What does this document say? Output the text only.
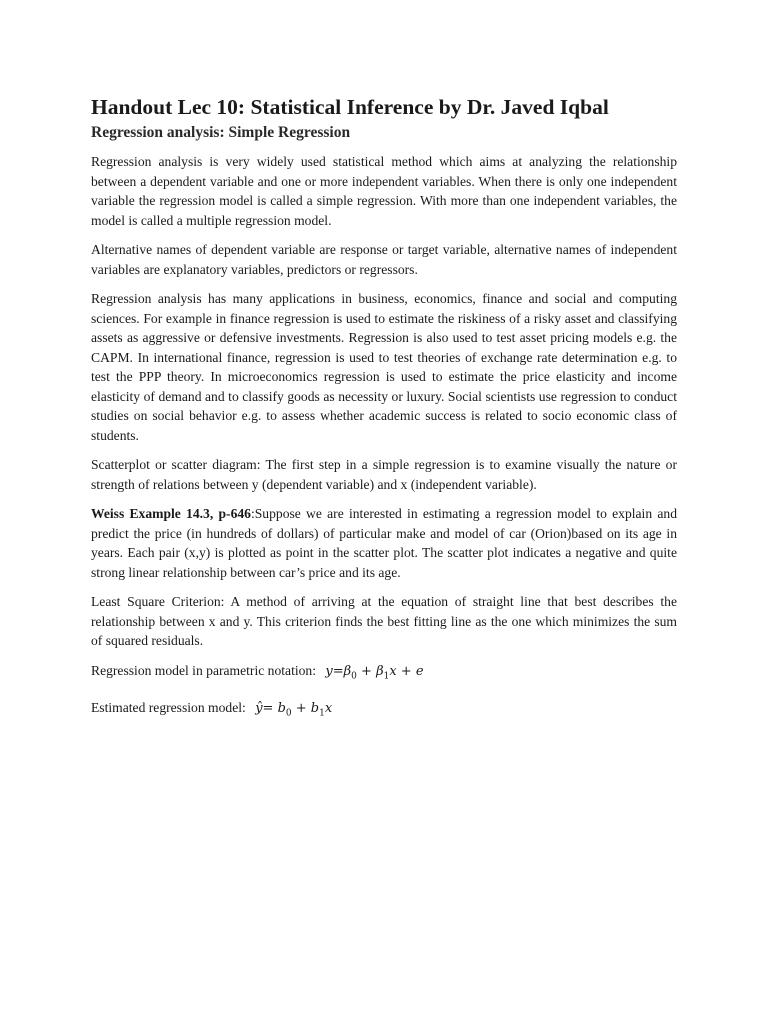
Handout Lec 10: Statistical Inference by Dr. Javed Iqbal
Regression analysis: Simple Regression

Regression analysis is very widely used statistical method which aims at analyzing the relationship between a dependent variable and one or more independent variables. When there is only one independent variable the regression model is called a simple regression. With more than one independent variables, the model is called a multiple regression model.

Alternative names of dependent variable are response or target variable, alternative names of independent variables are explanatory variables, predictors or regressors.

Regression analysis has many applications in business, economics, finance and social and computing sciences. For example in finance regression is used to estimate the riskiness of a risky asset and classifying assets as aggressive or defensive investments. Regression is also used to test asset pricing models e.g. the CAPM. In international finance, regression is used to test theories of exchange rate determination e.g. to test the PPP theory. In microeconomics regression is used to estimate the price elasticity and income elasticity of demand and to classify goods as necessity or luxury. Social scientists use regression to conduct studies on social behavior e.g. to assess whether academic success is related to socio economic class of students.

Scatterplot or scatter diagram: The first step in a simple regression is to examine visually the nature or strength of relations between y (dependent variable) and x (independent variable).

Weiss Example 14.3, p-646:Suppose we are interested in estimating a regression model to explain and predict the price (in hundreds of dollars) of particular make and model of car (Orion)based on its age in years. Each pair (x,y) is plotted as point in the scatter plot. The scatter plot indicates a negative and quite strong linear relationship between car’s price and its age.

Least Square Criterion: A method of arriving at the equation of straight line that best describes the relationship between x and y. This criterion finds the best fitting line as the one which minimizes the sum of squared residuals.

Regression model in parametric notation: $y=\beta_0 + \beta_1x + e$
Estimated regression model: ŷ= $b_0 + b_1x$
